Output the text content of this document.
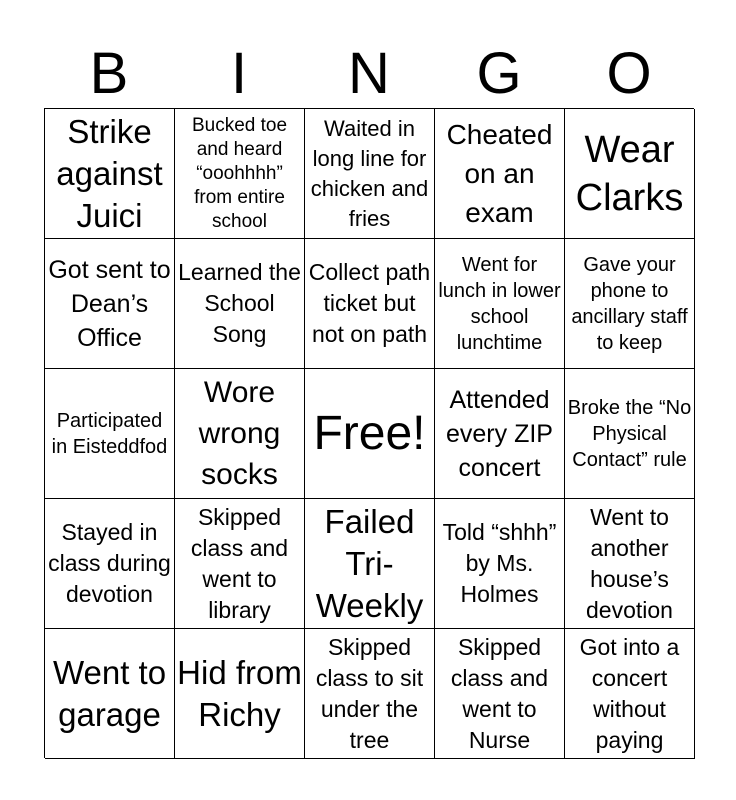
B	I	N	G	O
Strike against Juici
Bucked toe and heard “ooohhhh” from entire school
Waited in long line for chicken and fries
Cheated on an exam
Wear Clarks
Got sent to Dean’s Office
Learned the School Song
Collect path ticket but not on path
Went for lunch in lower school lunchtime
Gave your phone to ancillary staff to keep
Participated in Eisteddfod
Wore wrong socks
Free!
Attended every ZIP concert
Broke the “No Physical Contact” rule
Stayed in class during devotion
Skipped class and went to library
Failed Tri-Weekly
Told “shhh” by Ms. Holmes
Went to another house’s devotion
Went to garage
Hid from Richy
Skipped class to sit under the tree
Skipped class and went to Nurse
Got into a concert without paying
